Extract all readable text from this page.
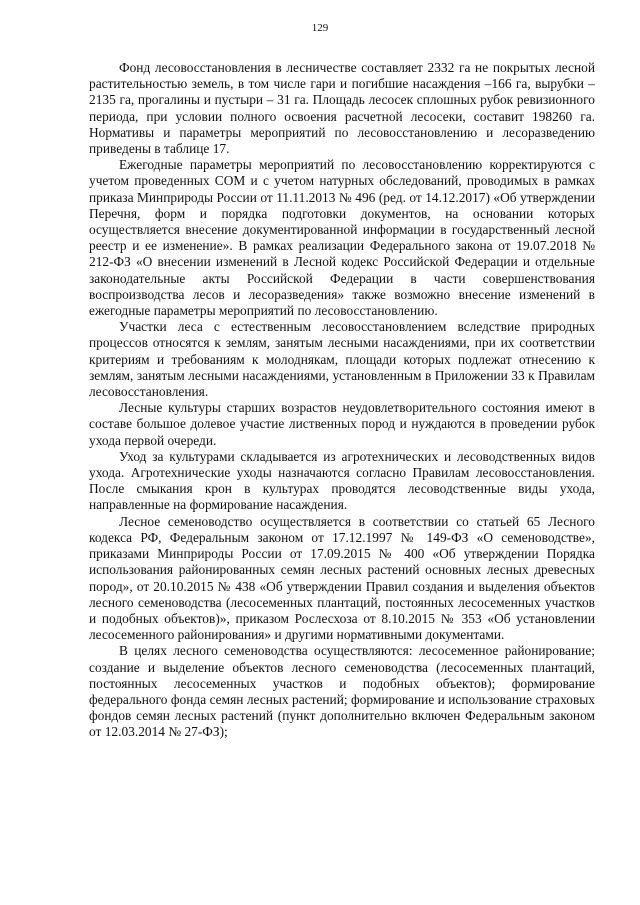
129

Фонд лесовосстановления в лесничестве составляет 2332 га не покрытых лесной растительностью земель, в том числе гари и погибшие насаждения –166 га, вырубки – 2135 га, прогалины и пустыри – 31 га. Площадь лесосек сплошных рубок ревизионного периода, при условии полного освоения расчетной лесосеки, составит 198260 га. Нормативы и параметры мероприятий по лесовосстановлению и лесоразведению приведены в таблице 17.

Ежегодные параметры мероприятий по лесовосстановлению корректируются с учетом проведенных СОМ и с учетом натурных обследований, проводимых в рамках приказа Минприроды России от 11.11.2013 № 496 (ред. от 14.12.2017) «Об утверждении Перечня, форм и порядка подготовки документов, на основании которых осуществляется внесение документированной информации в государственный лесной реестр и ее изменение». В рамках реализации Федерального закона от 19.07.2018 № 212-ФЗ «О внесении изменений в Лесной кодекс Российской Федерации и отдельные законодательные акты Российской Федерации в части совершенствования воспроизводства лесов и лесоразведения» также возможно внесение изменений в ежегодные параметры мероприятий по лесовосстановлению.

Участки леса с естественным лесовосстановлением вследствие природных процессов относятся к землям, занятым лесными насаждениями, при их соответствии критериям и требованиям к молоднякам, площади которых подлежат отнесению к землям, занятым лесными насаждениями, установленным в Приложении 33 к Правилам лесовосстановления.

Лесные культуры старших возрастов неудовлетворительного состояния имеют в составе большое долевое участие лиственных пород и нуждаются в проведении рубок ухода первой очереди.

Уход за культурами складывается из агротехнических и лесоводственных видов ухода. Агротехнические уходы назначаются согласно Правилам лесовосстановления. После смыкания крон в культурах проводятся лесоводственные виды ухода, направленные на формирование насаждения.

Лесное семеноводство осуществляется в соответствии со статьей 65 Лесного кодекса РФ, Федеральным законом от 17.12.1997 № 149-ФЗ «О семеноводстве», приказами Минприроды России от 17.09.2015 № 400 «Об утверждении Порядка использования районированных семян лесных растений основных лесных древесных пород», от 20.10.2015 № 438 «Об утверждении Правил создания и выделения объектов лесного семеноводства (лесосеменных плантаций, постоянных лесосеменных участков и подобных объектов)», приказом Рослесхоза от 8.10.2015 № 353 «Об установлении лесосеменного районирования» и другими нормативными документами.

В целях лесного семеноводства осуществляются: лесосеменное районирование; создание и выделение объектов лесного семеноводства (лесосеменных плантаций, постоянных лесосеменных участков и подобных объектов); формирование федерального фонда семян лесных растений; формирование и использование страховых фондов семян лесных растений (пункт дополнительно включен Федеральным законом от 12.03.2014 № 27-ФЗ);
